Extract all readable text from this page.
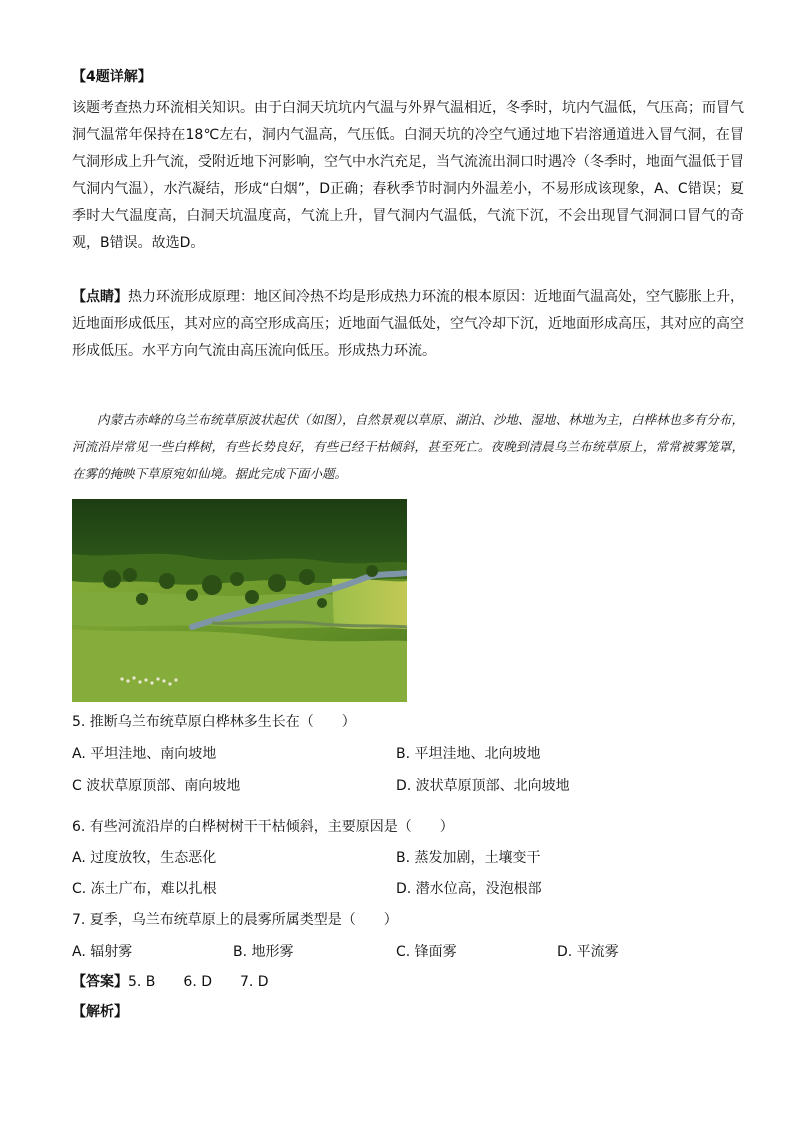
【4题详解】

该题考查热力环流相关知识。由于白洞天坑坑内气温与外界气温相近，冬季时，坑内气温低，气压高；而冒气洞气温常年保持在18℃左右，洞内气温高，气压低。白洞天坑的冷空气通过地下岩溶通道进入冒气洞，在冒气洞形成上升气流，受附近地下河影响，空气中水汽充足，当气流流出洞口时遇冷（冬季时，地面气温低于冒气洞内气温），水汽凝结，形成“白烟”，D正确；春秋季节时洞内外温差小，不易形成该现象，A、C错误；夏季时大气温度高，白洞天坑温度高，气流上升，冒气洞内气温低，气流下沉，不会出现冒气洞洞口冒气的奇观，B错误。故选D。

【点睛】热力环流形成原理：地区间冷热不均是形成热力环流的根本原因：近地面气温高处，空气膨胀上升，近地面形成低压，其对应的高空形成高压；近地面气温低处，空气冷却下沉，近地面形成高压，其对应的高空形成低压。水平方向气流由高压流向低压。形成热力环流。

内蒙古赤峰的乌兰布统草原波状起伏（如图），自然景观以草原、湖泊、沙地、湿地、林地为主，白桦林也多有分布，河流沿岸常见一些白桦树，有些长势良好，有些已经干枯倾斜，甚至死亡。夜晚到清晨乌兰布统草原上，常常被雾笼罩，在雾的掩映下草原宛如仙境。据此完成下面小题。

5. 推断乌兰布统草原白桦林多生长在（　　）
A. 平坦洼地、南向坡地	B. 平坦洼地、北向坡地
C 波状草原顶部、南向坡地	D. 波状草原顶部、北向坡地
6. 有些河流沿岸的白桦树树干干枯倾斜，主要原因是（　　）
A. 过度放牧，生态恶化	B. 蒸发加剧，土壤变干
C. 冻土广布，难以扎根	D. 潜水位高，没泡根部
7. 夏季，乌兰布统草原上的晨雾所属类型是（　　）
A. 辐射雾	B. 地形雾	C. 锋面雾	D. 平流雾
【答案】5. B　　6. D　　7. D
【解析】
